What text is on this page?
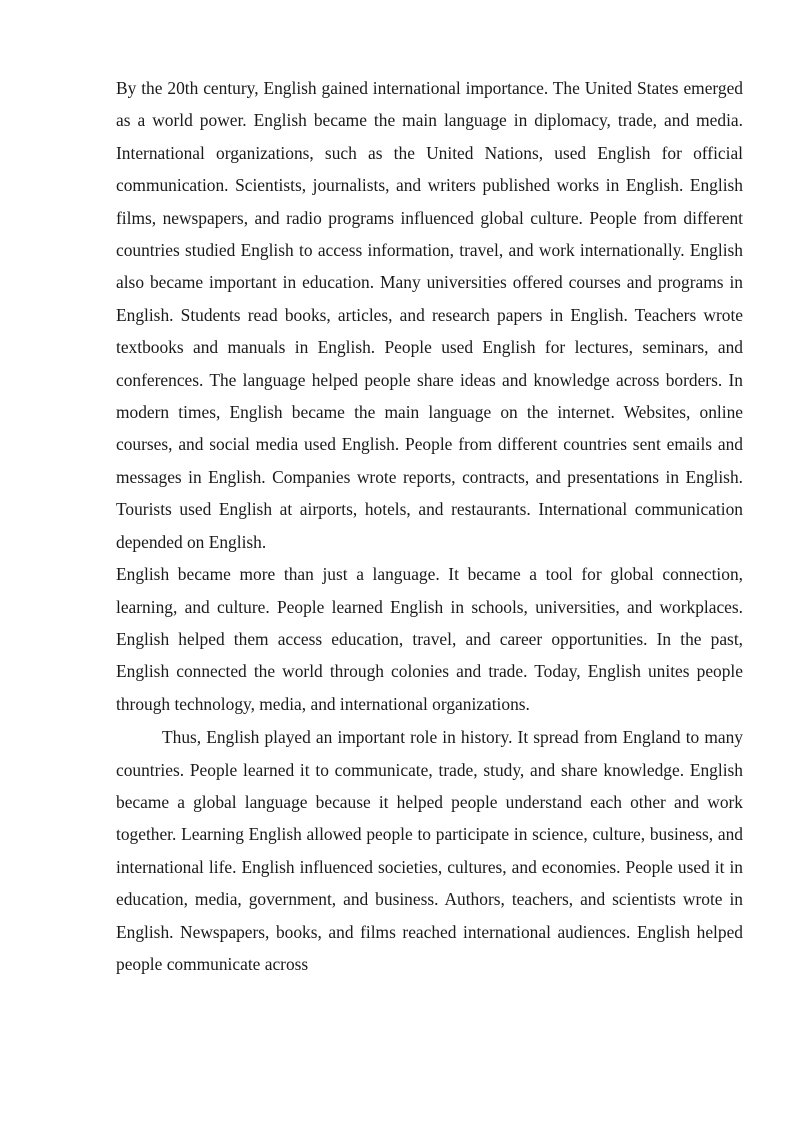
By the 20th century, English gained international importance. The United States emerged as a world power. English became the main language in diplomacy, trade, and media. International organizations, such as the United Nations, used English for official communication. Scientists, journalists, and writers published works in English. English films, newspapers, and radio programs influenced global culture. People from different countries studied English to access information, travel, and work internationally. English also became important in education. Many universities offered courses and programs in English. Students read books, articles, and research papers in English. Teachers wrote textbooks and manuals in English. People used English for lectures, seminars, and conferences. The language helped people share ideas and knowledge across borders. In modern times, English became the main language on the internet. Websites, online courses, and social media used English. People from different countries sent emails and messages in English. Companies wrote reports, contracts, and presentations in English. Tourists used English at airports, hotels, and restaurants. International communication depended on English.

English became more than just a language. It became a tool for global connection, learning, and culture. People learned English in schools, universities, and workplaces. English helped them access education, travel, and career opportunities. In the past, English connected the world through colonies and trade. Today, English unites people through technology, media, and international organizations.

Thus, English played an important role in history. It spread from England to many countries. People learned it to communicate, trade, study, and share knowledge. English became a global language because it helped people understand each other and work together. Learning English allowed people to participate in science, culture, business, and international life. English influenced societies, cultures, and economies. People used it in education, media, government, and business. Authors, teachers, and scientists wrote in English. Newspapers, books, and films reached international audiences. English helped people communicate across
